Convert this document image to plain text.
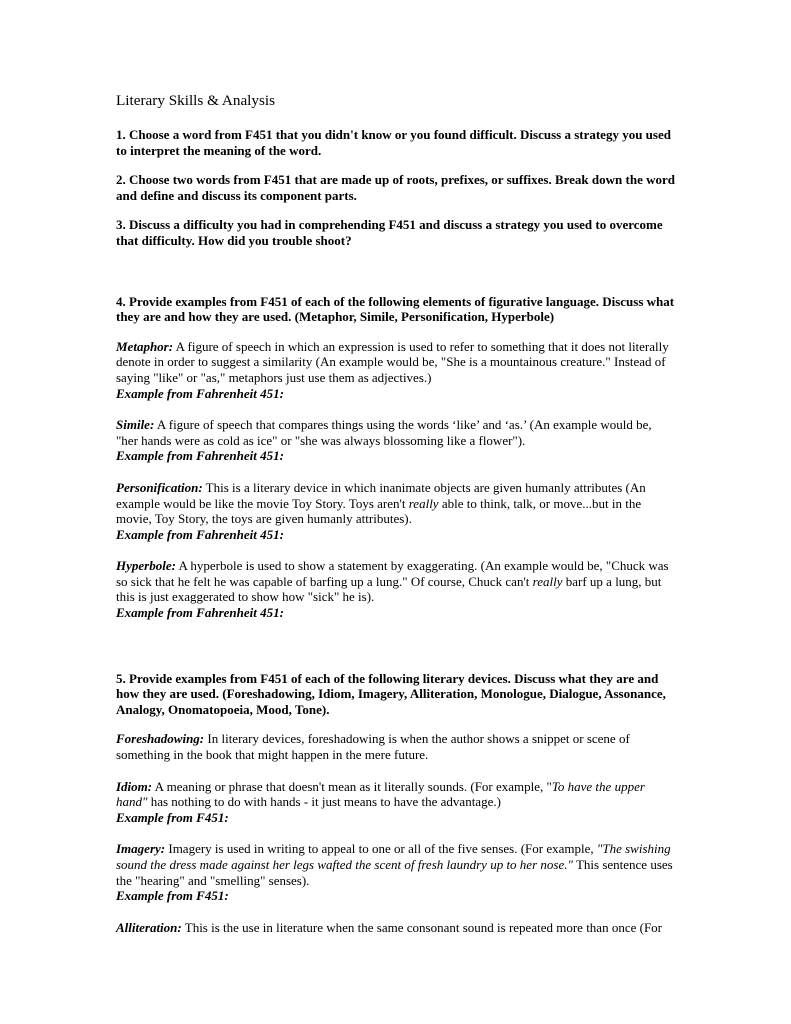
Literary Skills & Analysis
1. Choose a word from F451 that you didn't know or you found difficult. Discuss a strategy you used to interpret the meaning of the word.
2. Choose two words from F451 that are made up of roots, prefixes, or suffixes. Break down the word and define and discuss its component parts.
3. Discuss a difficulty you had in comprehending F451 and discuss a strategy you used to overcome that difficulty. How did you trouble shoot?
4. Provide examples from F451 of each of the following elements of figurative language. Discuss what they are and how they are used. (Metaphor, Simile, Personification, Hyperbole)
Metaphor: A figure of speech in which an expression is used to refer to something that it does not literally denote in order to suggest a similarity (An example would be, "She is a mountainous creature." Instead of saying "like" or "as," metaphors just use them as adjectives.)
Example from Fahrenheit 451:
Simile: A figure of speech that compares things using the words ‘like’ and ‘as.’ (An example would be, "her hands were as cold as ice" or "she was always blossoming like a flower").
Example from Fahrenheit 451:
Personification: This is a literary device in which inanimate objects are given humanly attributes (An example would be like the movie Toy Story. Toys aren't really able to think, talk, or move...but in the movie, Toy Story, the toys are given humanly attributes).
Example from Fahrenheit 451:
Hyperbole: A hyperbole is used to show a statement by exaggerating. (An example would be, "Chuck was so sick that he felt he was capable of barfing up a lung." Of course, Chuck can't really barf up a lung, but this is just exaggerated to show how "sick" he is).
Example from Fahrenheit 451:
5. Provide examples from F451 of each of the following literary devices. Discuss what they are and how they are used. (Foreshadowing, Idiom, Imagery, Alliteration, Monologue, Dialogue, Assonance, Analogy, Onomatopoeia, Mood, Tone).
Foreshadowing: In literary devices, foreshadowing is when the author shows a snippet or scene of something in the book that might happen in the mere future.
Idiom: A meaning or phrase that doesn't mean as it literally sounds. (For example, "To have the upper hand" has nothing to do with hands - it just means to have the advantage.)
Example from F451:
Imagery: Imagery is used in writing to appeal to one or all of the five senses. (For example, "The swishing sound the dress made against her legs wafted the scent of fresh laundry up to her nose." This sentence uses the "hearing" and "smelling" senses).
Example from F451:
Alliteration: This is the use in literature when the same consonant sound is repeated more than once (For
